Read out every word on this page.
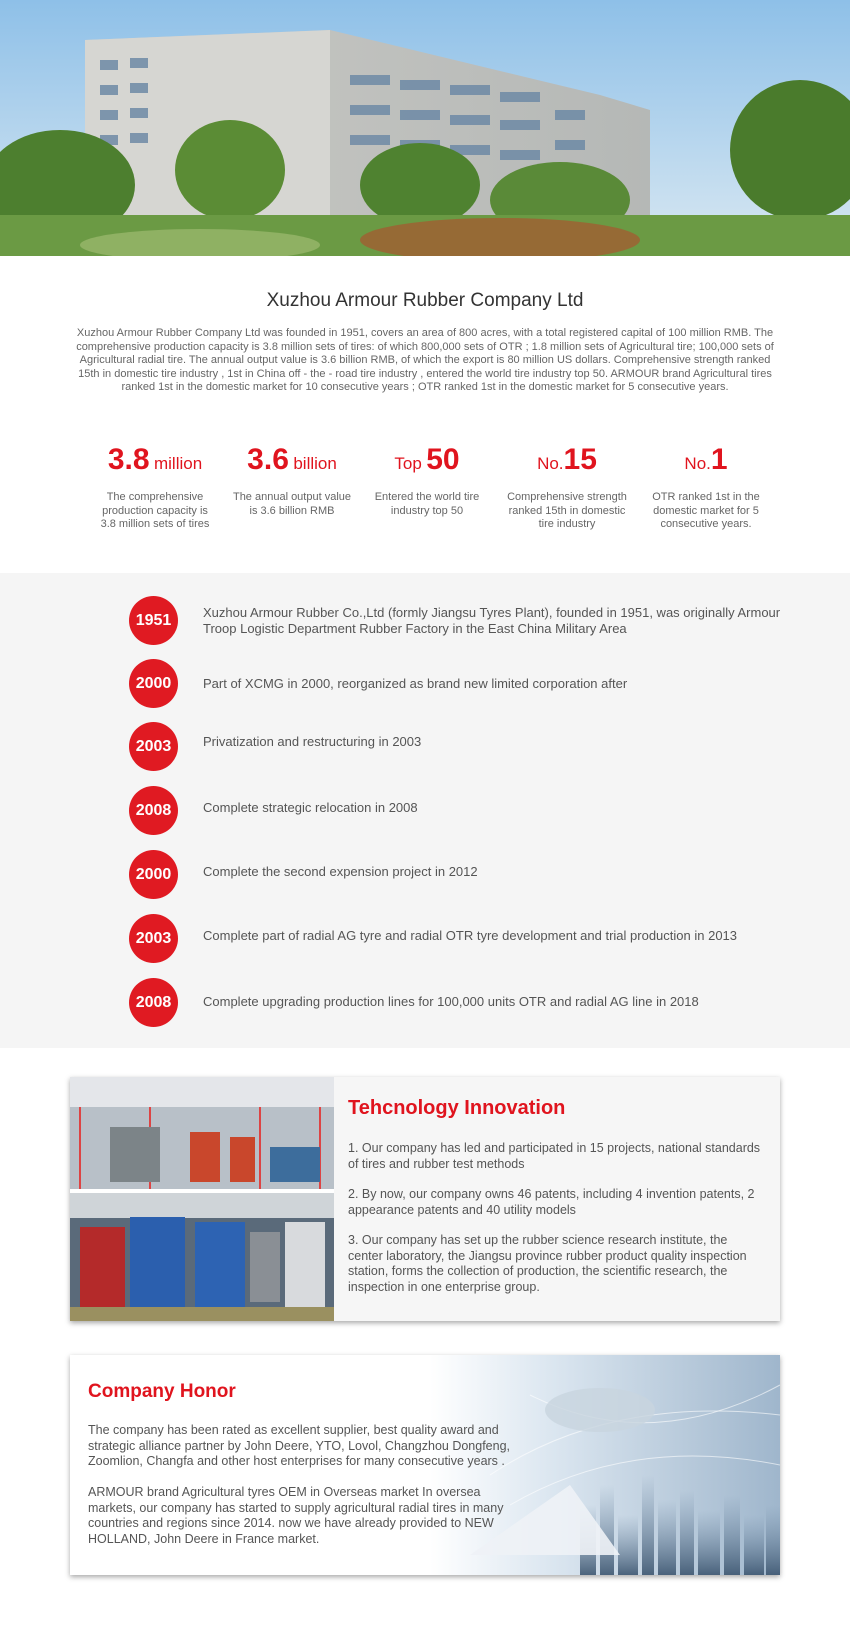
Xuzhou Armour Rubber Company Ltd
Xuzhou Armour Rubber Company Ltd was founded in 1951, covers an area of 800 acres, with a total registered capital of 100 million RMB. The comprehensive production capacity is 3.8 million sets of tires: of which 800,000 sets of OTR ; 1.8 million sets of Agricultural tire; 100,000 sets of Agricultural radial tire. The annual output value is 3.6 billion RMB, of which the export is 80 million US dollars. Comprehensive strength ranked 15th in domestic tire industry , 1st in China off - the - road tire industry , entered the world tire industry top 50. ARMOUR brand Agricultural tires ranked 1st in the domestic market for 10 consecutive years ; OTR ranked 1st in the domestic market for 5 consecutive years.
3.8 million
The comprehensive production capacity is 3.8 million sets of tires
3.6 billion
The annual output value is 3.6 billion RMB
Top 50
Entered the world tire industry top 50
No.15
Comprehensive strength ranked 15th in domestic tire industry
No.1
OTR ranked 1st in the domestic market for 5 consecutive years.
1951	Xuzhou Armour Rubber Co.,Ltd (formly Jiangsu Tyres Plant), founded in 1951, was originally Armour Troop Logistic Department Rubber Factory in the East China Military Area
2000	Part of XCMG in 2000, reorganized as brand new limited corporation after
2003	Privatization and restructuring in 2003
2008	Complete strategic relocation in 2008
2000	Complete the second expension project in 2012
2003	Complete part of radial AG tyre and radial OTR tyre development and trial production in 2013
2008	Complete upgrading production lines for 100,000 units OTR and radial AG line in 2018
Tehcnology Innovation

1. Our company has led and participated in 15 projects, national standards of tires and rubber test methods

2. By now, our company owns 46 patents, including 4 invention patents, 2 appearance patents and 40 utility models

3. Our company has set up the rubber science research institute, the center laboratory, the Jiangsu province rubber product quality inspection station, forms the collection of production, the scientific research, the inspection in one enterprise group.

Company Honor
The company has been rated as excellent supplier, best quality award and strategic alliance partner by John Deere, YTO, Lovol, Changzhou Dongfeng, Zoomlion, Changfa and other host enterprises for many consecutive years .
ARMOUR brand Agricultural tyres OEM in Overseas market In oversea markets, our company has started to supply agricultural radial tires in many countries and regions since 2014. now we have already provided to NEW HOLLAND, John Deere in France market.
